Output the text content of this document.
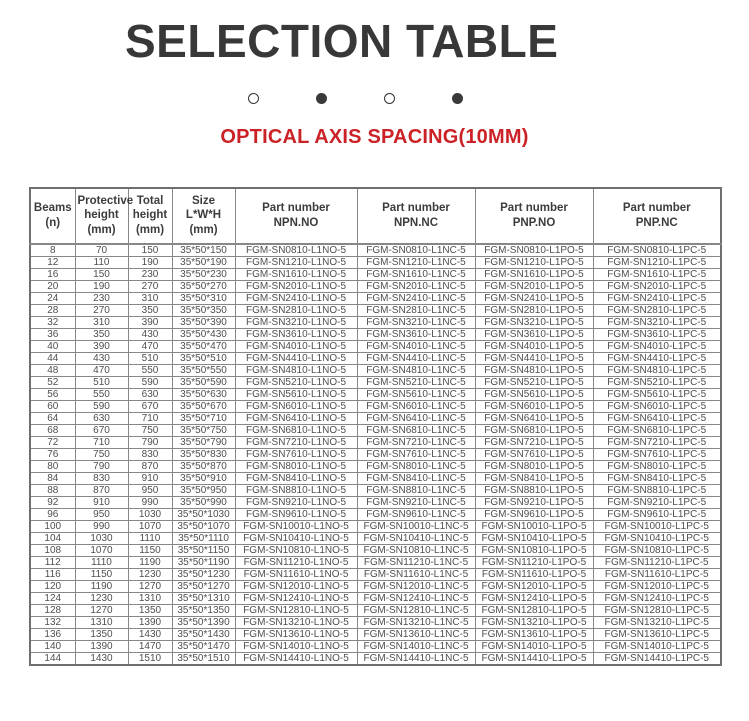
SELECTION TABLE
OPTICAL AXIS SPACING(10MM)
Beams
(n)	Protective
height
(mm)	Total
height
(mm)	Size
L*W*H
(mm)	Part number
NPN.NO	Part number
NPN.NC	Part number
PNP.NO	Part number
PNP.NC
8	70	150	35*50*150	FGM-SN0810-L1NO-5	FGM-SN0810-L1NC-5	FGM-SN0810-L1PO-5	FGM-SN0810-L1PC-5
12	110	190	35*50*190	FGM-SN1210-L1NO-5	FGM-SN1210-L1NC-5	FGM-SN1210-L1PO-5	FGM-SN1210-L1PC-5
16	150	230	35*50*230	FGM-SN1610-L1NO-5	FGM-SN1610-L1NC-5	FGM-SN1610-L1PO-5	FGM-SN1610-L1PC-5
20	190	270	35*50*270	FGM-SN2010-L1NO-5	FGM-SN2010-L1NC-5	FGM-SN2010-L1PO-5	FGM-SN2010-L1PC-5
24	230	310	35*50*310	FGM-SN2410-L1NO-5	FGM-SN2410-L1NC-5	FGM-SN2410-L1PO-5	FGM-SN2410-L1PC-5
28	270	350	35*50*350	FGM-SN2810-L1NO-5	FGM-SN2810-L1NC-5	FGM-SN2810-L1PO-5	FGM-SN2810-L1PC-5
32	310	390	35*50*390	FGM-SN3210-L1NO-5	FGM-SN3210-L1NC-5	FGM-SN3210-L1PO-5	FGM-SN3210-L1PC-5
36	350	430	35*50*430	FGM-SN3610-L1NO-5	FGM-SN3610-L1NC-5	FGM-SN3610-L1PO-5	FGM-SN3610-L1PC-5
40	390	470	35*50*470	FGM-SN4010-L1NO-5	FGM-SN4010-L1NC-5	FGM-SN4010-L1PO-5	FGM-SN4010-L1PC-5
44	430	510	35*50*510	FGM-SN4410-L1NO-5	FGM-SN4410-L1NC-5	FGM-SN4410-L1PO-5	FGM-SN4410-L1PC-5
48	470	550	35*50*550	FGM-SN4810-L1NO-5	FGM-SN4810-L1NC-5	FGM-SN4810-L1PO-5	FGM-SN4810-L1PC-5
52	510	590	35*50*590	FGM-SN5210-L1NO-5	FGM-SN5210-L1NC-5	FGM-SN5210-L1PO-5	FGM-SN5210-L1PC-5
56	550	630	35*50*630	FGM-SN5610-L1NO-5	FGM-SN5610-L1NC-5	FGM-SN5610-L1PO-5	FGM-SN5610-L1PC-5
60	590	670	35*50*670	FGM-SN6010-L1NO-5	FGM-SN6010-L1NC-5	FGM-SN6010-L1PO-5	FGM-SN6010-L1PC-5
64	630	710	35*50*710	FGM-SN6410-L1NO-5	FGM-SN6410-L1NC-5	FGM-SN6410-L1PO-5	FGM-SN6410-L1PC-5
68	670	750	35*50*750	FGM-SN6810-L1NO-5	FGM-SN6810-L1NC-5	FGM-SN6810-L1PO-5	FGM-SN6810-L1PC-5
72	710	790	35*50*790	FGM-SN7210-L1NO-5	FGM-SN7210-L1NC-5	FGM-SN7210-L1PO-5	FGM-SN7210-L1PC-5
76	750	830	35*50*830	FGM-SN7610-L1NO-5	FGM-SN7610-L1NC-5	FGM-SN7610-L1PO-5	FGM-SN7610-L1PC-5
80	790	870	35*50*870	FGM-SN8010-L1NO-5	FGM-SN8010-L1NC-5	FGM-SN8010-L1PO-5	FGM-SN8010-L1PC-5
84	830	910	35*50*910	FGM-SN8410-L1NO-5	FGM-SN8410-L1NC-5	FGM-SN8410-L1PO-5	FGM-SN8410-L1PC-5
88	870	950	35*50*950	FGM-SN8810-L1NO-5	FGM-SN8810-L1NC-5	FGM-SN8810-L1PO-5	FGM-SN8810-L1PC-5
92	910	990	35*50*990	FGM-SN9210-L1NO-5	FGM-SN9210-L1NC-5	FGM-SN9210-L1PO-5	FGM-SN9210-L1PC-5
96	950	1030	35*50*1030	FGM-SN9610-L1NO-5	FGM-SN9610-L1NC-5	FGM-SN9610-L1PO-5	FGM-SN9610-L1PC-5
100	990	1070	35*50*1070	FGM-SN10010-L1NO-5	FGM-SN10010-L1NC-5	FGM-SN10010-L1PO-5	FGM-SN10010-L1PC-5
104	1030	1110	35*50*1110	FGM-SN10410-L1NO-5	FGM-SN10410-L1NC-5	FGM-SN10410-L1PO-5	FGM-SN10410-L1PC-5
108	1070	1150	35*50*1150	FGM-SN10810-L1NO-5	FGM-SN10810-L1NC-5	FGM-SN10810-L1PO-5	FGM-SN10810-L1PC-5
112	1110	1190	35*50*1190	FGM-SN11210-L1NO-5	FGM-SN11210-L1NC-5	FGM-SN11210-L1PO-5	FGM-SN11210-L1PC-5
116	1150	1230	35*50*1230	FGM-SN11610-L1NO-5	FGM-SN11610-L1NC-5	FGM-SN11610-L1PO-5	FGM-SN11610-L1PC-5
120	1190	1270	35*50*1270	FGM-SN12010-L1NO-5	FGM-SN12010-L1NC-5	FGM-SN12010-L1PO-5	FGM-SN12010-L1PC-5
124	1230	1310	35*50*1310	FGM-SN12410-L1NO-5	FGM-SN12410-L1NC-5	FGM-SN12410-L1PO-5	FGM-SN12410-L1PC-5
128	1270	1350	35*50*1350	FGM-SN12810-L1NO-5	FGM-SN12810-L1NC-5	FGM-SN12810-L1PO-5	FGM-SN12810-L1PC-5
132	1310	1390	35*50*1390	FGM-SN13210-L1NO-5	FGM-SN13210-L1NC-5	FGM-SN13210-L1PO-5	FGM-SN13210-L1PC-5
136	1350	1430	35*50*1430	FGM-SN13610-L1NO-5	FGM-SN13610-L1NC-5	FGM-SN13610-L1PO-5	FGM-SN13610-L1PC-5
140	1390	1470	35*50*1470	FGM-SN14010-L1NO-5	FGM-SN14010-L1NC-5	FGM-SN14010-L1PO-5	FGM-SN14010-L1PC-5
144	1430	1510	35*50*1510	FGM-SN14410-L1NO-5	FGM-SN14410-L1NC-5	FGM-SN14410-L1PO-5	FGM-SN14410-L1PC-5
